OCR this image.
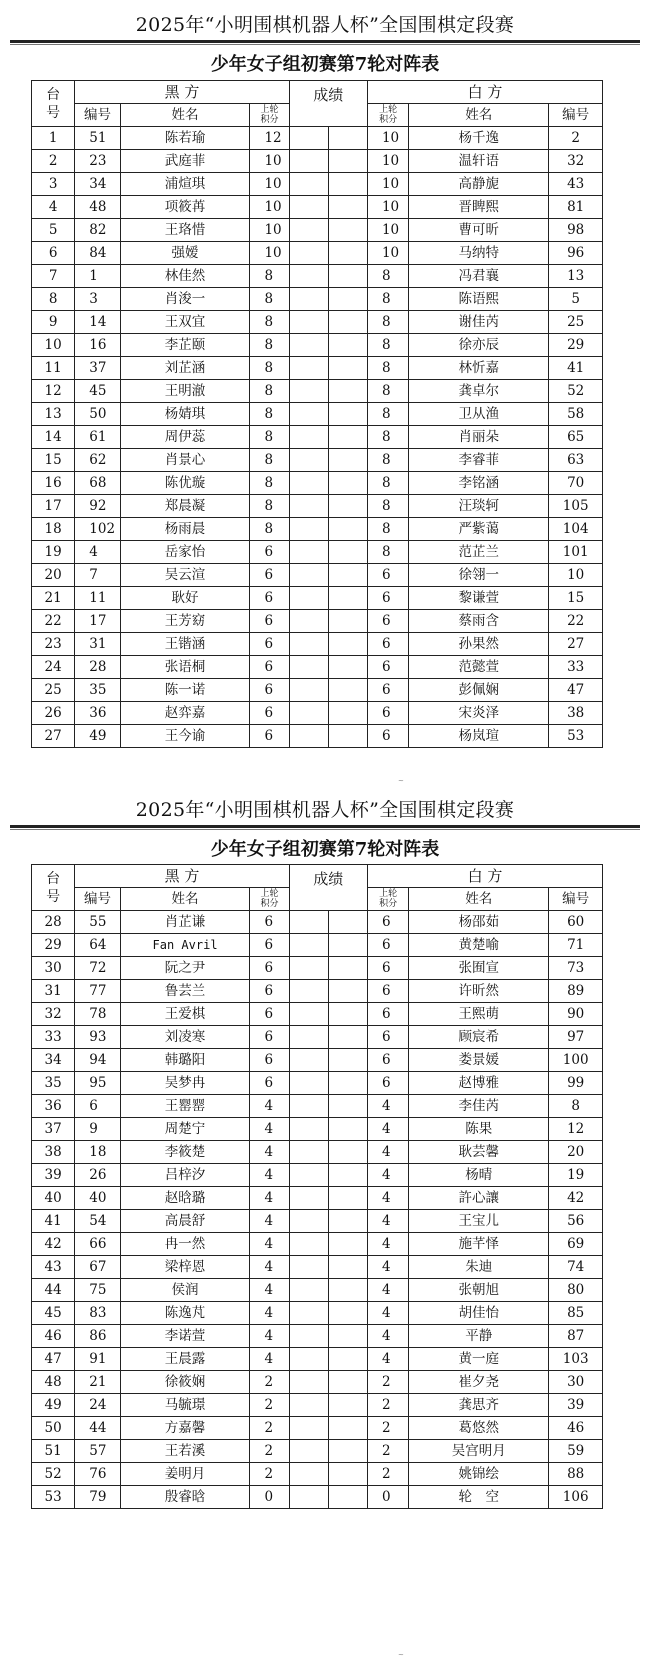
2025年“小明围棋机器人杯”全国围棋定段赛
少年女子组初赛第7轮对阵表
台号	黑 方			成绩		白 方		
	编号	姓名	上轮
积分			上轮
积分	姓名	编号
1	51	陈若瑜	12			10	杨千逸	2
2	23	武庭菲	10			10	温轩语	32
3	34	浦煊琪	10			10	高静旎	43
4	48	项筱苒	10			10	晋睥熙	81
5	82	王珞惜	10			10	曹可昕	98
6	84	强嫒	10			10	马纳特	96
7	1	林佳然	8			8	冯君襄	13
8	3	肖浚一	8			8	陈语熙	5
9	14	王双宜	8			8	谢佳芮	25
10	16	李芷颐	8			8	徐亦辰	29
11	37	刘芷涵	8			8	林忻嘉	41
12	45	王明澈	8			8	龚卓尔	52
13	50	杨婧琪	8			8	卫从渔	58
14	61	周伊蕊	8			8	肖丽朵	65
15	62	肖景心	8			8	李睿菲	63
16	68	陈优璇	8			8	李铭涵	70
17	92	郑晨凝	8			8	汪琰轲	105
18	102	杨雨晨	8			8	严紫蔼	104
19	4	岳家怡	6			8	范芷兰	101
20	7	吴云渲	6			6	徐翎一	10
21	11	耿好	6			6	黎谦萱	15
22	17	王芳窈	6			6	蔡雨含	22
23	31	王锴涵	6			6	孙果然	27
24	28	张语桐	6			6	范懿萱	33
25	35	陈一诺	6			6	彭佩娴	47
26	36	赵弈嘉	6			6	宋炎泽	38
27	49	王今谕	6			6	杨岚瑄	53
~
2025年“小明围棋机器人杯”全国围棋定段赛
少年女子组初赛第7轮对阵表
台号	黑 方			成绩		白 方		
	编号	姓名	上轮
积分			上轮
积分	姓名	编号
28	55	肖芷谦	6			6	杨邵茹	60
29	64	Fan Avril	6			6	黄楚喻	71
30	72	阮之尹	6			6	张囿宣	73
31	77	鲁芸兰	6			6	许昕然	89
32	78	王爱棋	6			6	王熙萌	90
33	93	刘凌寒	6			6	顾宸希	97
34	94	韩璐阳	6			6	娄景媛	100
35	95	吴梦冉	6			6	赵博雅	99
36	6	王罂罂	4			4	李佳芮	8
37	9	周楚宁	4			4	陈果	12
38	18	李筱楚	4			4	耿芸馨	20
39	26	吕梓汐	4			4	杨晴	19
40	40	赵晗璐	4			4	許心讓	42
41	54	高晨舒	4			4	王宝儿	56
42	66	冉一然	4			4	施芊怿	69
43	67	梁梓恩	4			4	朱迪	74
44	75	侯润	4			4	张朝旭	80
45	83	陈逸芃	4			4	胡佳怡	85
46	86	李诺萱	4			4	平静	87
47	91	王晨露	4			4	黄一庭	103
48	21	徐筱娴	2			2	崔夕尧	30
49	24	马毓璟	2			2	龚思齐	39
50	44	方嘉馨	2			2	葛悠然	46
51	57	王若溪	2			2	吴宫明月	59
52	76	姜明月	2			2	姚锦绘	88
53	79	殷睿晗	0			0	轮　空	106
~
